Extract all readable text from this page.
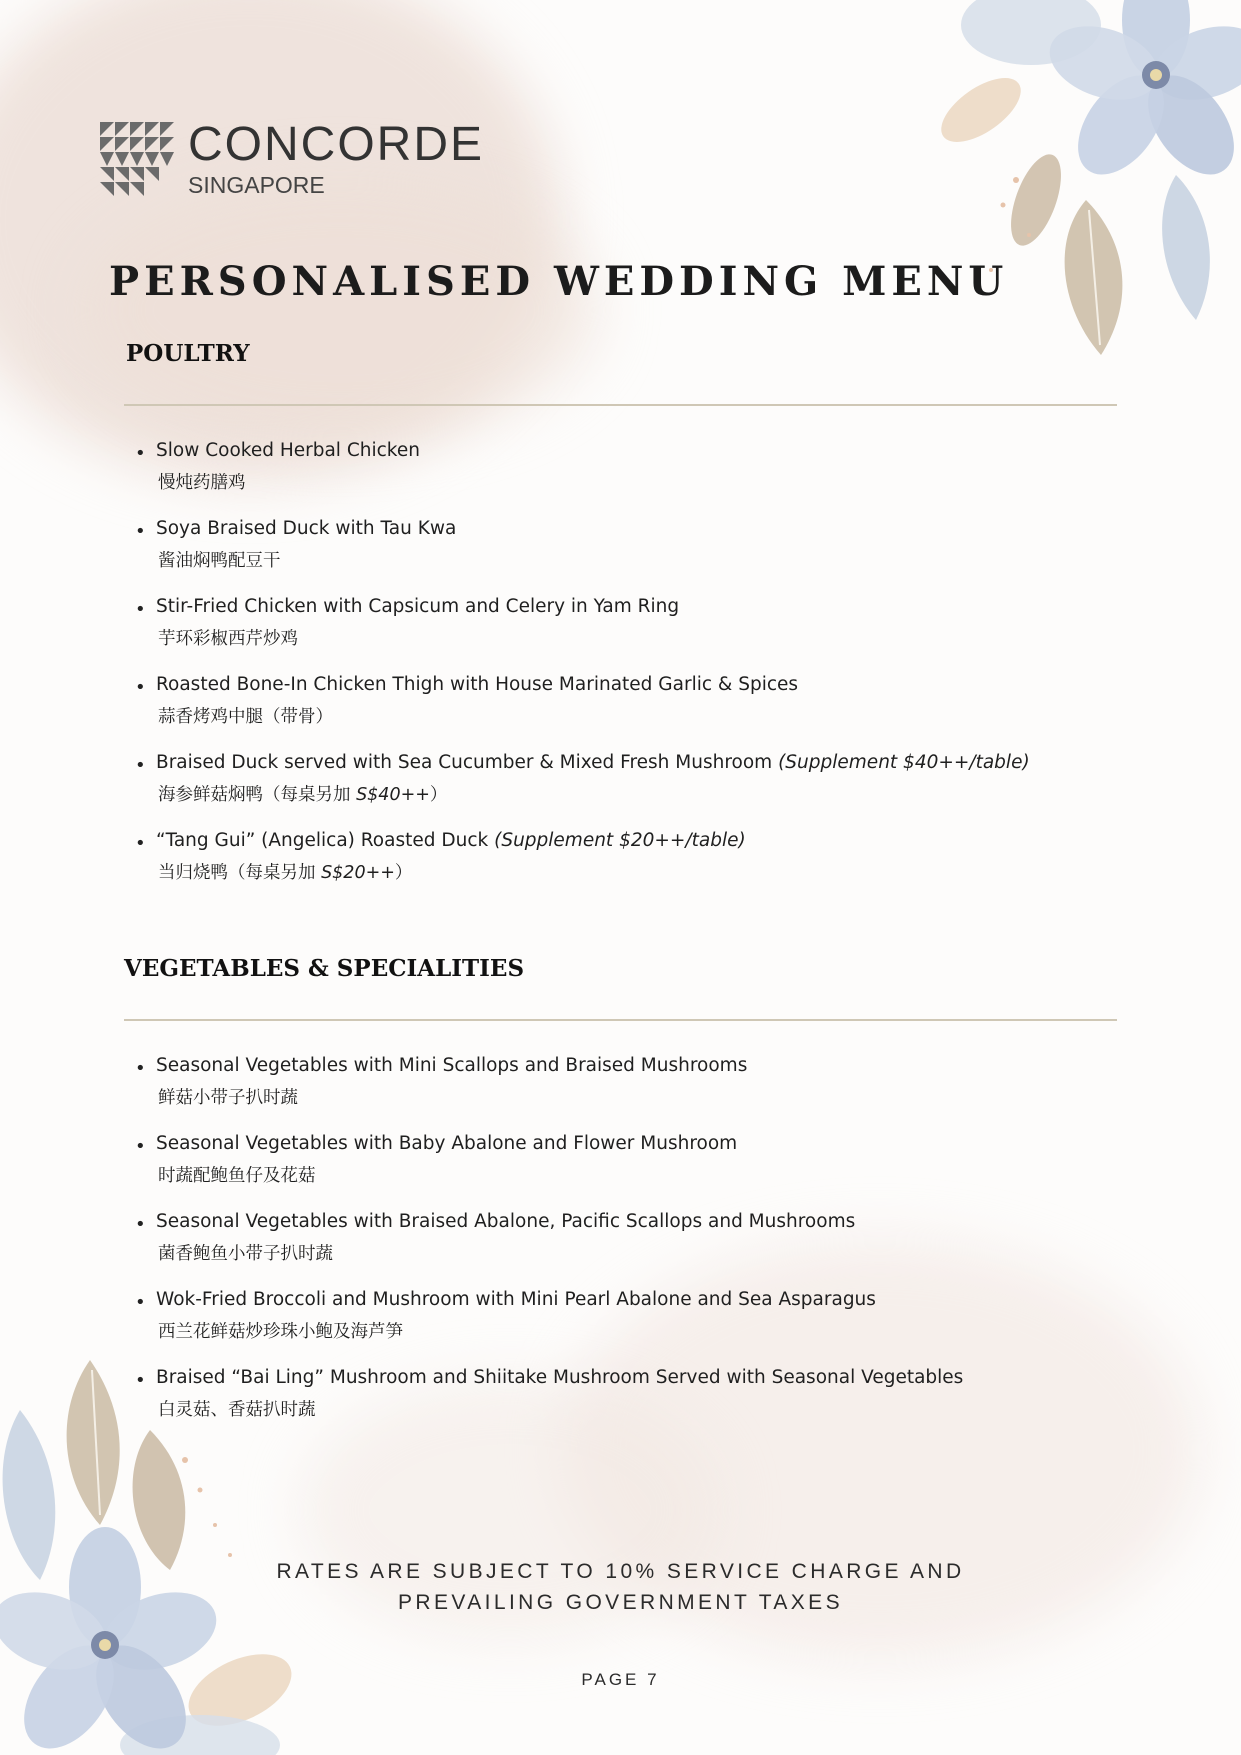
CONCORDE
SINGAPORE
PERSONALISED WEDDING MENU
POULTRY
• Slow Cooked Herbal Chicken
慢炖药膳鸡
• Soya Braised Duck with Tau Kwa
酱油焖鸭配豆干
• Stir-Fried Chicken with Capsicum and Celery in Yam Ring
芋环彩椒西芹炒鸡
• Roasted Bone-In Chicken Thigh with House Marinated Garlic & Spices
蒜香烤鸡中腿（带骨）
• Braised Duck served with Sea Cucumber & Mixed Fresh Mushroom (Supplement $40++/table)
海参鲜菇焖鸭（每桌另加 S$40++）
• “Tang Gui” (Angelica) Roasted Duck (Supplement $20++/table)
当归烧鸭（每桌另加 S$20++）
VEGETABLES & SPECIALITIES
• Seasonal Vegetables with Mini Scallops and Braised Mushrooms
鲜菇小带子扒时蔬
• Seasonal Vegetables with Baby Abalone and Flower Mushroom
时蔬配鲍鱼仔及花菇
• Seasonal Vegetables with Braised Abalone, Pacific Scallops and Mushrooms
菌香鲍鱼小带子扒时蔬
• Wok-Fried Broccoli and Mushroom with Mini Pearl Abalone and Sea Asparagus
西兰花鲜菇炒珍珠小鲍及海芦笋
• Braised “Bai Ling” Mushroom and Shiitake Mushroom Served with Seasonal Vegetables
白灵菇、香菇扒时蔬
RATES ARE SUBJECT TO 10% SERVICE CHARGE AND
PREVAILING GOVERNMENT TAXES
PAGE 7
